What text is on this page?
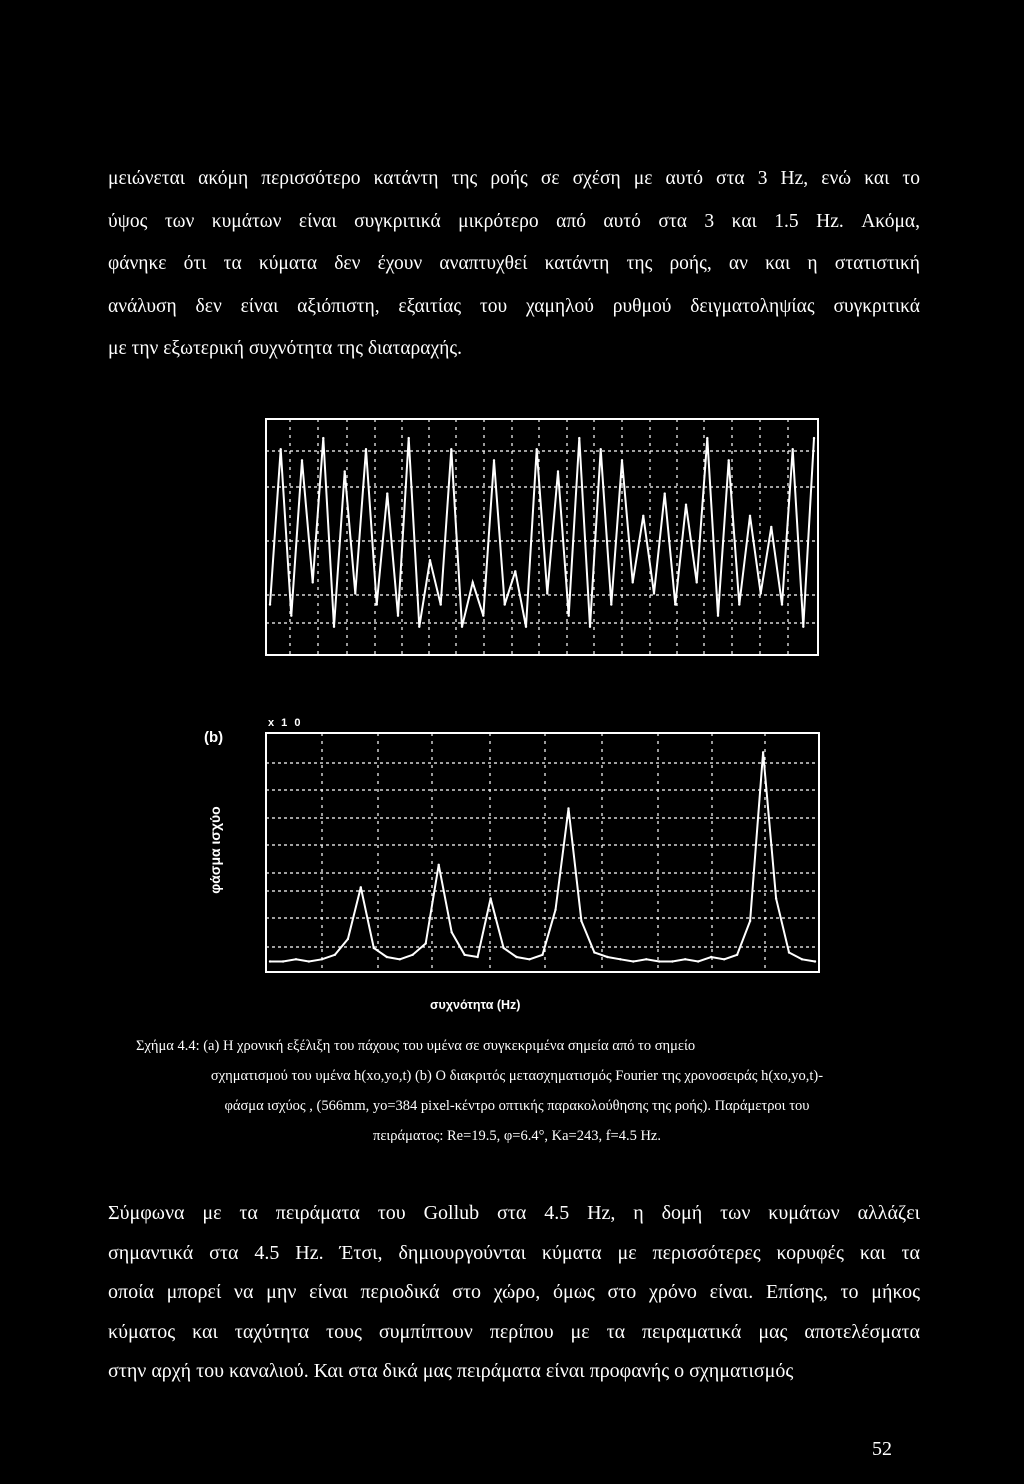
μειώνεται ακόμη περισσότερο κατάντη της ροής σε σχέση με αυτό στα 3 Hz, ενώ και το
ύψος των κυμάτων είναι συγκριτικά μικρότερο από αυτό στα 3 και 1.5 Hz. Ακόμα,
φάνηκε ότι τα κύματα δεν έχουν αναπτυχθεί κατάντη της ροής, αν και η στατιστική
ανάλυση δεν είναι αξιόπιστη, εξαιτίας του χαμηλού ρυθμού δειγματοληψίας συγκριτικά
με την εξωτερική συχνότητα της διαταραχής.
(b)
x 1 0
φάσμα ισχύο
συχνότητα (Hz)
Σχήμα 4.4: (a) Η χρονική εξέλιξη του πάχους του υμένα σε συγκεκριμένα σημεία από το σημείο
σχηματισμού του υμένα h(xο,yο,t) (b) Ο διακριτός μετασχηματισμός Fourier της χρονοσειράς h(xο,yο,t)-
φάσμα ισχύος , (566mm, yο=384 pixel-κέντρο οπτικής παρακολούθησης της ροής). Παράμετροι του
πειράματος: Re=19.5, φ=6.4°, Ka=243, f=4.5 Hz.
Σύμφωνα με τα πειράματα του Gollub στα 4.5 Hz, η δομή των κυμάτων αλλάζει
σημαντικά στα 4.5 Hz. Έτσι, δημιουργούνται κύματα με περισσότερες κορυφές και τα
οποία μπορεί να μην είναι περιοδικά στο χώρο, όμως στο χρόνο είναι. Επίσης, το μήκος
κύματος και ταχύτητα τους συμπίπτουν περίπου με τα πειραματικά μας αποτελέσματα
στην αρχή του καναλιού. Και στα δικά μας πειράματα είναι προφανής ο σχηματισμός
52
